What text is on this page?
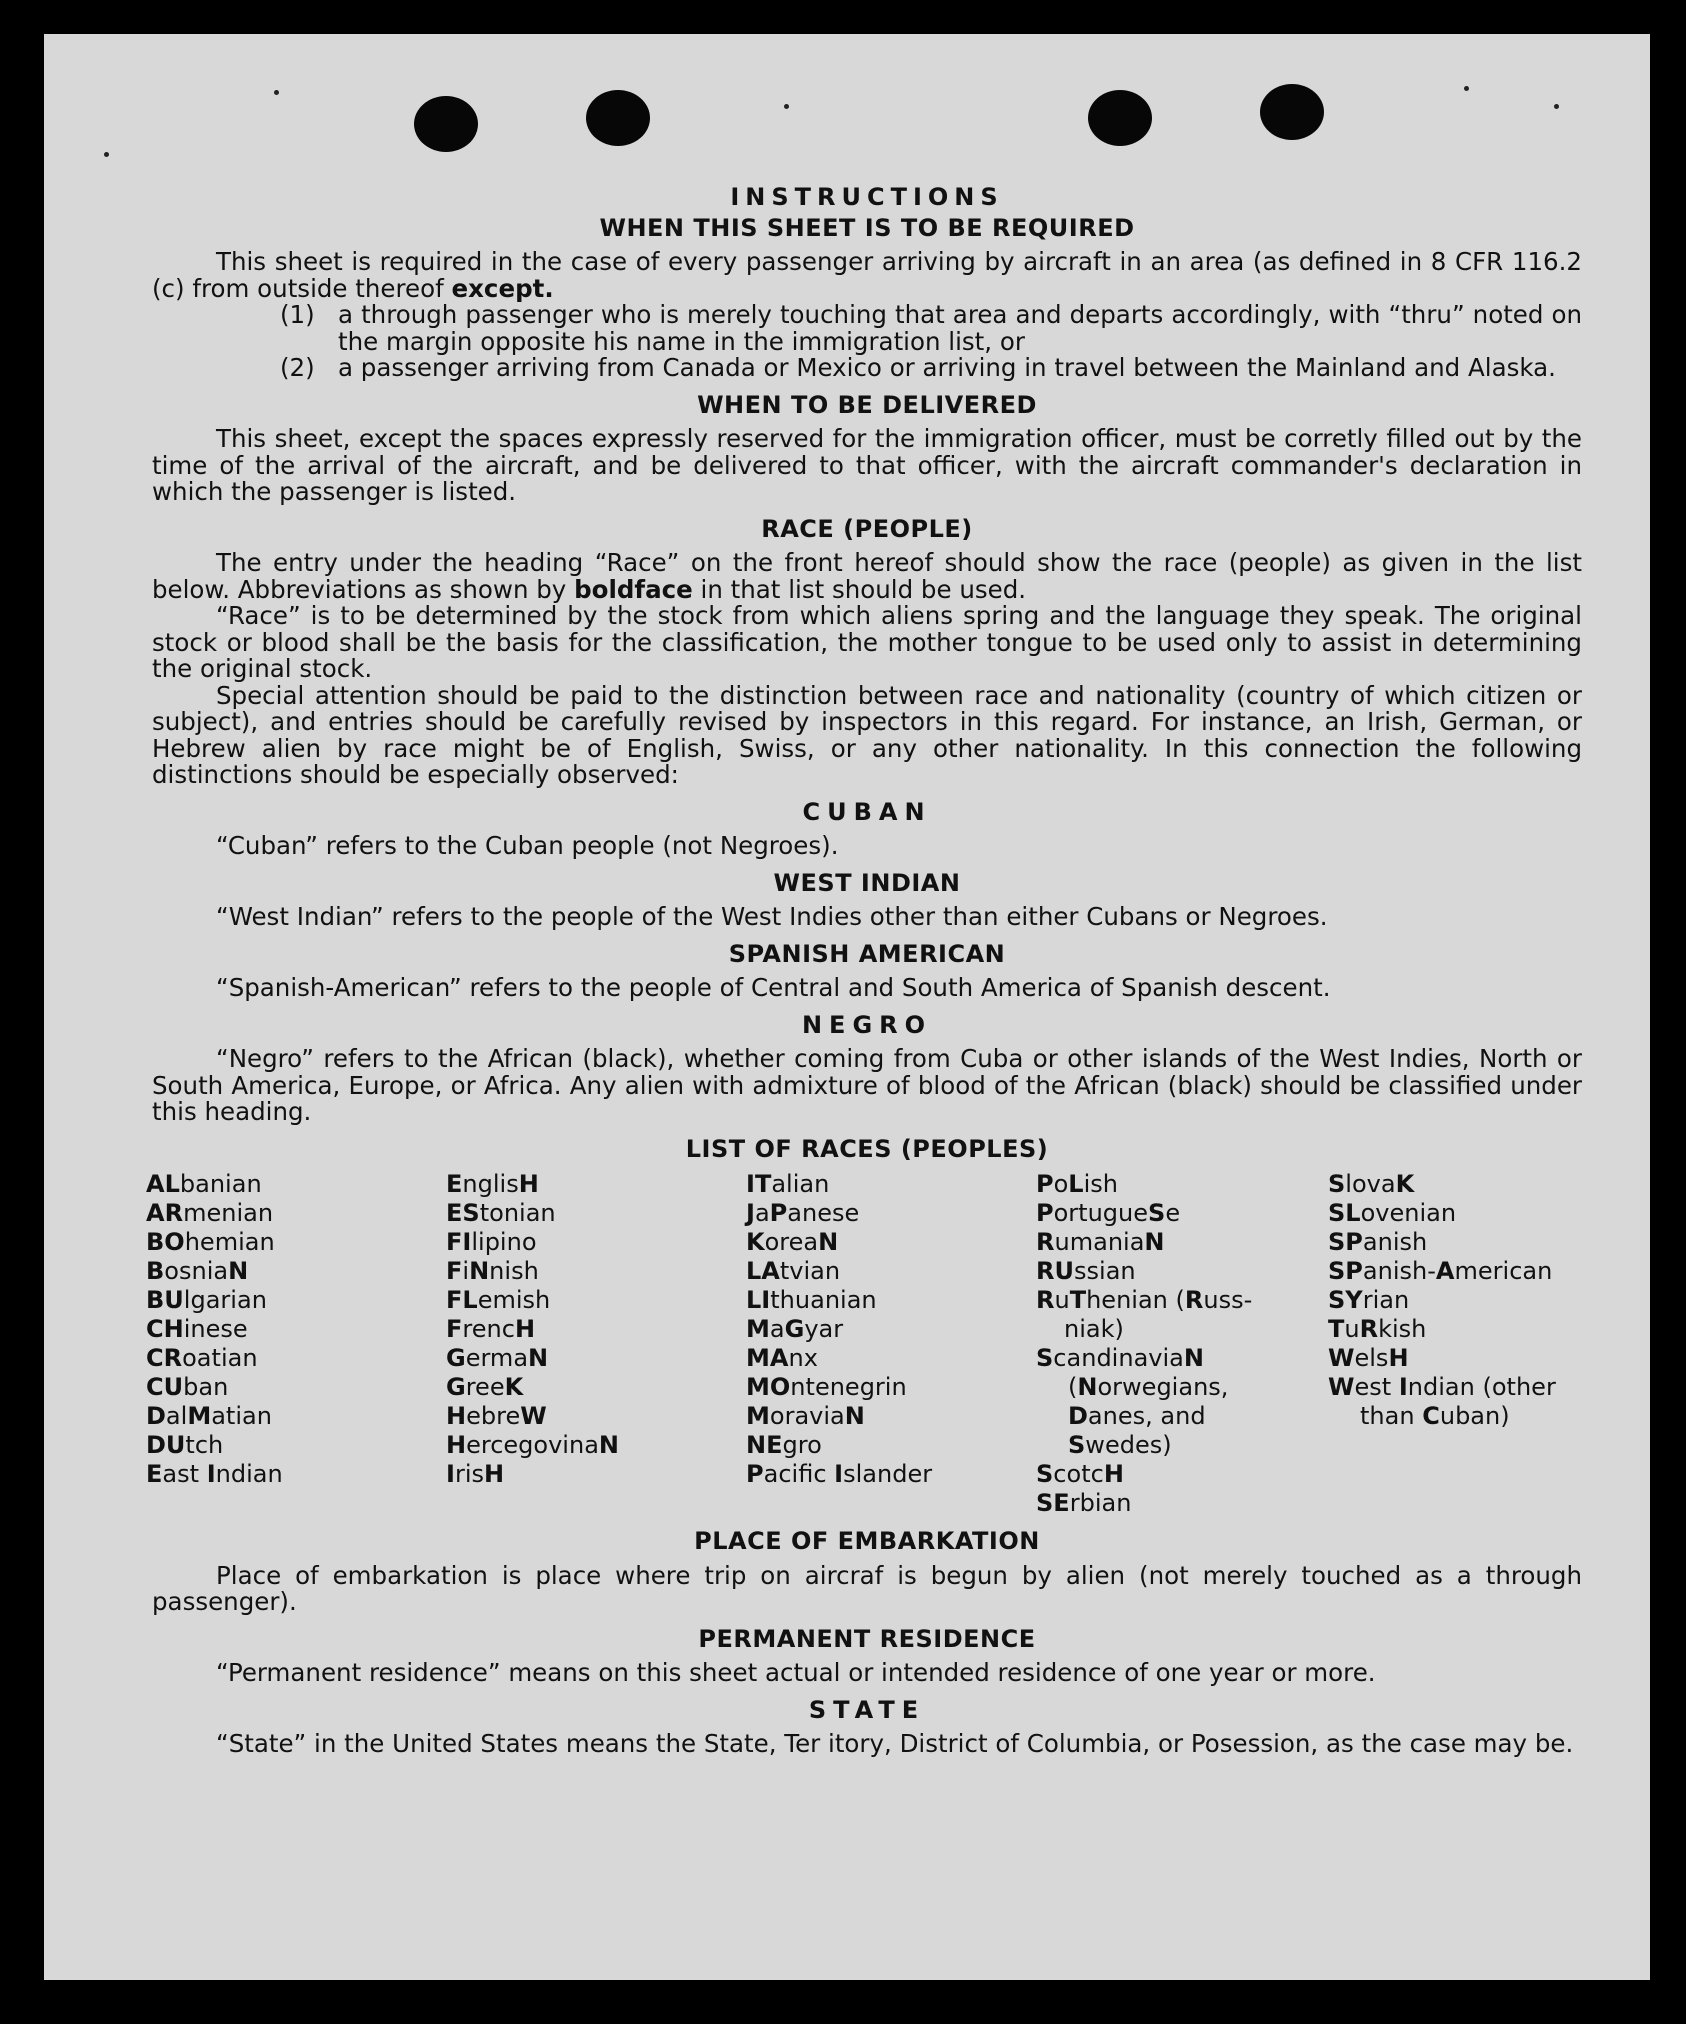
INSTRUCTIONS
WHEN THIS SHEET IS TO BE REQUIRED

This sheet is required in the case of every passenger arriving by aircraft in an area (as defined in 8 CFR 116.2 (c) from outside thereof except.

(1) a through passenger who is merely touching that area and departs accordingly, with “thru” noted on the margin opposite his name in the immigration list, or
(2) a passenger arriving from Canada or Mexico or arriving in travel between the Mainland and Alaska.
WHEN TO BE DELIVERED

This sheet, except the spaces expressly reserved for the immigration officer, must be corretly filled out by the time of the arrival of the aircraft, and be delivered to that officer, with the aircraft commander's declaration in which the passenger is listed.

RACE (PEOPLE)

The entry under the heading “Race” on the front hereof should show the race (people) as given in the list below. Abbreviations as shown by boldface in that list should be used.

“Race” is to be determined by the stock from which aliens spring and the language they speak. The original stock or blood shall be the basis for the classification, the mother tongue to be used only to assist in determining the original stock.

Special attention should be paid to the distinction between race and nationality (country of which citizen or subject), and entries should be carefully revised by inspectors in this regard. For instance, an Irish, German, or Hebrew alien by race might be of English, Swiss, or any other nationality. In this connection the following distinctions should be especially observed:

CUBAN

“Cuban” refers to the Cuban people (not Negroes).

WEST INDIAN

“West Indian” refers to the people of the West Indies other than either Cubans or Negroes.

SPANISH AMERICAN

“Spanish-American” refers to the people of Central and South America of Spanish descent.

NEGRO

“Negro” refers to the African (black), whether coming from Cuba or other islands of the West Indies, North or South America, Europe, or Africa. Any alien with admixture of blood of the African (black) should be classified under this heading.

LIST OF RACES (PEOPLES)
ALbanian
ARmenian
BOhemian
BosniaN
BUlgarian
CHinese
CRoatian
CUban
DalMatian
DUtch
East Indian
EnglisH
EStonian
FIlipino
FiNnish
FLemish
FrencH
GermaN
GreeK
HebreW
HercegovinaN
IrisH
ITalian
JaPanese
KoreaN
LAtvian
LIthuanian
MaGyar
MAnx
MOntenegrin
MoraviaN
NEgro
Pacifc Islander
PoLish
PortugueSe
RumaniaN
RUssian
RuThenian (Russ-
niak)
ScandinaviaN
(Norwegians,
Danes, and
Swedes)
ScotcH
SErbian
SlovaK
SLovenian
SPanish
SPanish-American
SYrian
TuRkish
WelsH
West Indian (other
than Cuban)
PLACE OF EMBARKATION

Place of embarkation is place where trip on aircraf is begun by alien (not merely touched as a through passenger).

PERMANENT RESIDENCE

“Permanent residence” means on this sheet actual or intended residence of one year or more.

STATE

“State” in the United States means the State, Ter itory, District of Columbia, or Posession, as the case may be.
